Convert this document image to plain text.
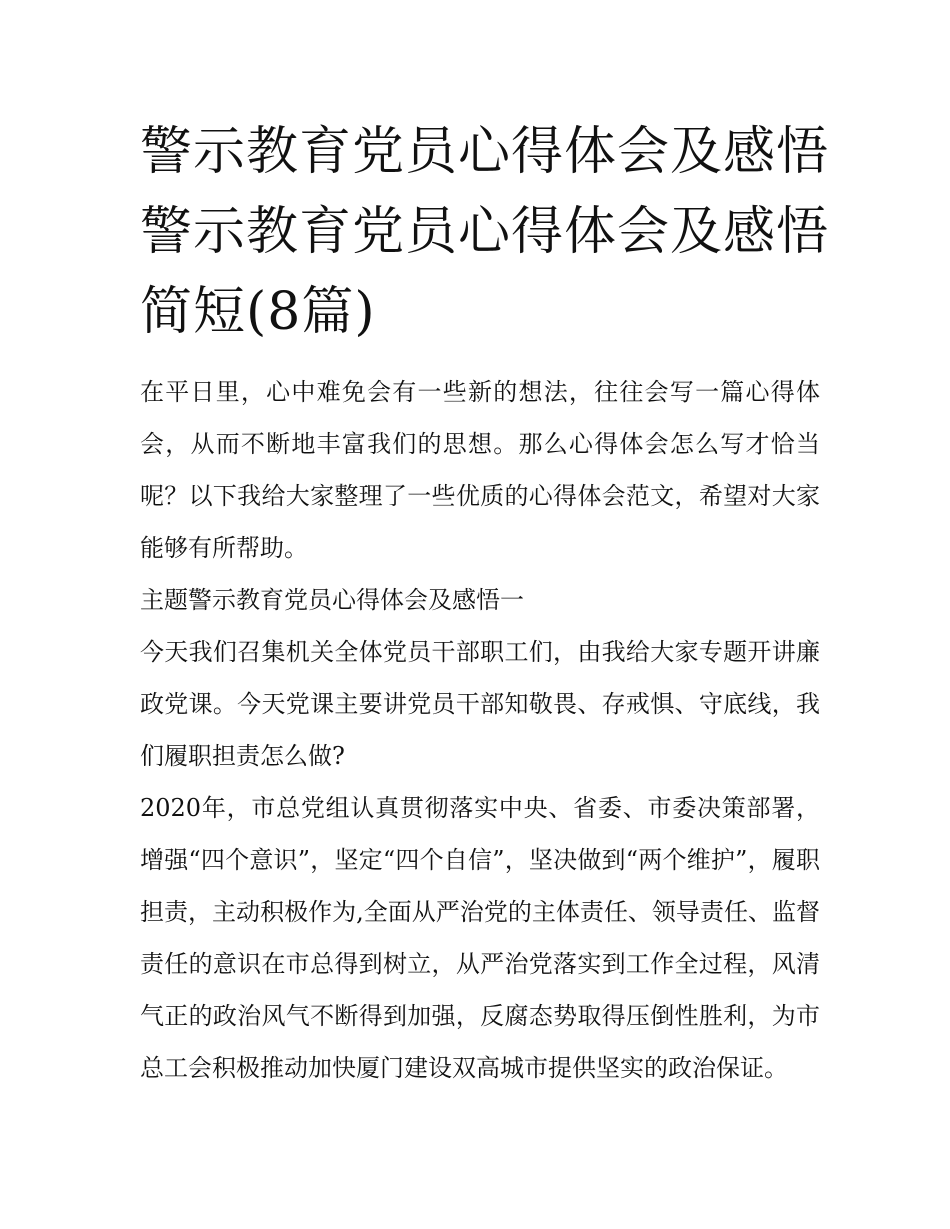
警示教育党员心得体会及感悟
警示教育党员心得体会及感悟
简短(8篇)

在平日里，心中难免会有一些新的想法，往往会写一篇心得体会，从而不断地丰富我们的思想。那么心得体会怎么写才恰当呢？以下我给大家整理了一些优质的心得体会范文，希望对大家能够有所帮助。

主题警示教育党员心得体会及感悟一

今天我们召集机关全体党员干部职工们，由我给大家专题开讲廉政党课。今天党课主要讲党员干部知敬畏、存戒惧、守底线，我们履职担责怎么做?

2020年，市总党组认真贯彻落实中央、省委、市委决策部署，增强“四个意识”，坚定“四个自信”，坚决做到“两个维护”，履职担责，主动积极作为,全面从严治党的主体责任、领导责任、监督责任的意识在市总得到树立，从严治党落实到工作全过程，风清气正的政治风气不断得到加强，反腐态势取得压倒性胜利，为市总工会积极推动加快厦门建设双高城市提供坚实的政治保证。
